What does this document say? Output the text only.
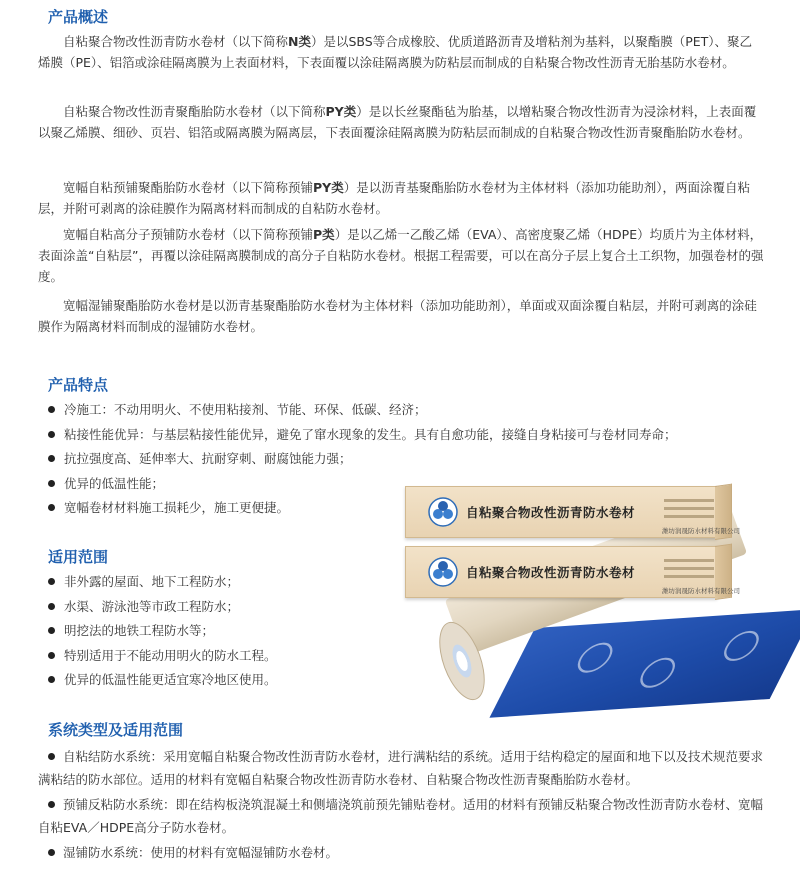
产品概述

自粘聚合物改性沥青防水卷材（以下简称N类）是以SBS等合成橡胶、优质道路沥青及增粘剂为基料，以聚酯膜（PET）、聚乙烯膜（PE）、铝箔或涂硅隔离膜为上表面材料，下表面覆以涂硅隔离膜为防粘层而制成的自粘聚合物改性沥青无胎基防水卷材。

自粘聚合物改性沥青聚酯胎防水卷材（以下简称PY类）是以长丝聚酯毡为胎基，以增粘聚合物改性沥青为浸涂材料，上表面覆以聚乙烯膜、细砂、页岩、铝箔或隔离膜为隔离层，下表面覆涂硅隔离膜为防粘层而制成的自粘聚合物改性沥青聚酯胎防水卷材。

宽幅自粘预铺聚酯胎防水卷材（以下简称预铺PY类）是以沥青基聚酯胎防水卷材为主体材料（添加功能助剂），两面涂覆自粘层，并附可剥离的涂硅膜作为隔离材料而制成的自粘防水卷材。

宽幅自粘高分子预铺防水卷材（以下简称预铺P类）是以乙烯一乙酸乙烯（EVA）、高密度聚乙烯（HDPE）均质片为主体材料，表面涂盖“自粘层”，再覆以涂硅隔离膜制成的高分子自粘防水卷材。根据工程需要，可以在高分子层上复合土工织物，加强卷材的强度。

宽幅湿铺聚酯胎防水卷材是以沥青基聚酯胎防水卷材为主体材料（添加功能助剂），单面或双面涂覆自粘层，并附可剥离的涂硅膜作为隔离材料而制成的湿铺防水卷材。

产品特点
冷施工：不动用明火、不使用粘接剂、节能、环保、低碳、经济；
粘接性能优异：与基层粘接性能优异，避免了窜水现象的发生。具有自愈功能，接缝自身粘接可与卷材同寿命；
抗拉强度高、延伸率大、抗耐穿刺、耐腐蚀能力强；
优异的低温性能；
宽幅卷材材料施工损耗少，施工更便捷。
适用范围
非外露的屋面、地下工程防水；
水渠、游泳池等市政工程防水；
明挖法的地铁工程防水等；
特别适用于不能动用明火的防水工程。
优异的低温性能更适宜寒冷地区使用。
系统类型及适用范围

自粘结防水系统：采用宽幅自粘聚合物改性沥青防水卷材，进行满粘结的系统。适用于结构稳定的屋面和地下以及技术规范要求满粘结的防水部位。适用的材料有宽幅自粘聚合物改性沥青防水卷材、自粘聚合物改性沥青聚酯胎防水卷材。

预铺反粘防水系统：即在结构板浇筑混凝土和侧墙浇筑前预先铺贴卷材。适用的材料有预铺反粘聚合物改性沥青防水卷材、宽幅自粘EVA／HDPE高分子防水卷材。

湿铺防水系统：使用的材料有宽幅湿铺防水卷材。

自粘聚合物改性沥青防水卷材
潍坊润晟防水材料有限公司
自粘聚合物改性沥青防水卷材
潍坊润晟防水材料有限公司
